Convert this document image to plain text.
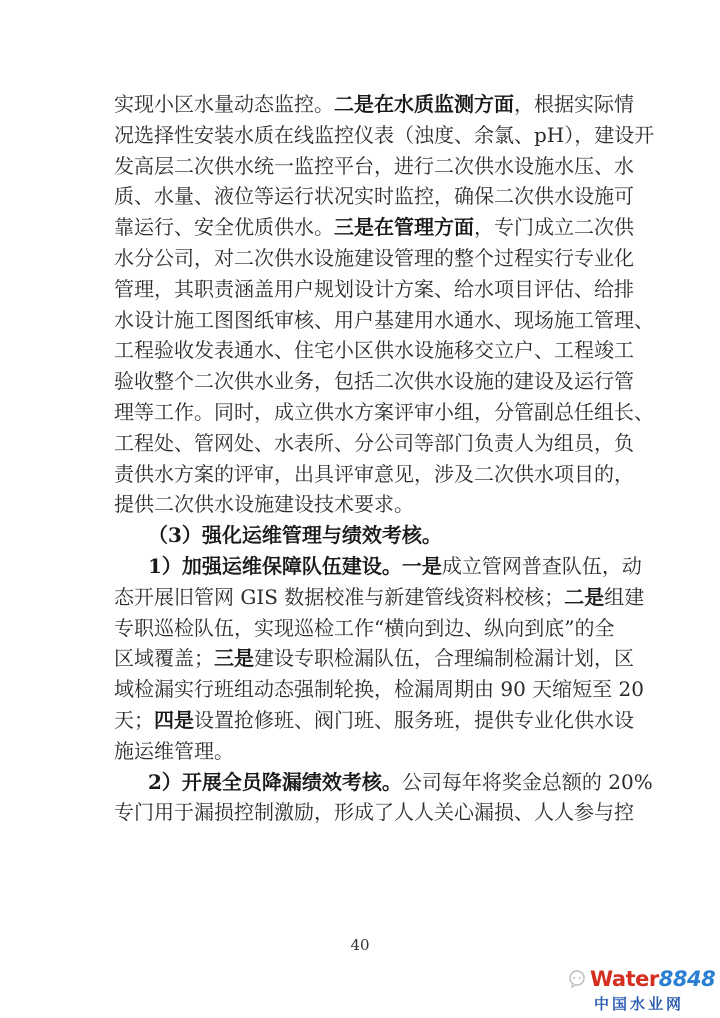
实现小区水量动态监控。二是在水质监测方面，根据实际情
况选择性安装水质在线监控仪表（浊度、余氯、pH），建设开
发高层二次供水统一监控平台，进行二次供水设施水压、水
质、水量、液位等运行状况实时监控，确保二次供水设施可
靠运行、安全优质供水。三是在管理方面，专门成立二次供
水分公司，对二次供水设施建设管理的整个过程实行专业化
管理，其职责涵盖用户规划设计方案、给水项目评估、给排
水设计施工图图纸审核、用户基建用水通水、现场施工管理、
工程验收发表通水、住宅小区供水设施移交立户、工程竣工
验收整个二次供水业务，包括二次供水设施的建设及运行管
理等工作。同时，成立供水方案评审小组，分管副总任组长、
工程处、管网处、水表所、分公司等部门负责人为组员，负
责供水方案的评审，出具评审意见，涉及二次供水项目的，
提供二次供水设施建设技术要求。
（3）强化运维管理与绩效考核。
1）加强运维保障队伍建设。一是成立管网普查队伍，动
态开展旧管网 GIS 数据校准与新建管线资料校核；二是组建
专职巡检队伍，实现巡检工作“横向到边、纵向到底”的全
区域覆盖；三是建设专职检漏队伍，合理编制检漏计划，区
域检漏实行班组动态强制轮换，检漏周期由 90 天缩短至 20
天；四是设置抢修班、阀门班、服务班，提供专业化供水设
施运维管理。
2）开展全员降漏绩效考核。公司每年将奖金总额的 20%
专门用于漏损控制激励，形成了人人关心漏损、人人参与控
40
Water8848
中国水业网
